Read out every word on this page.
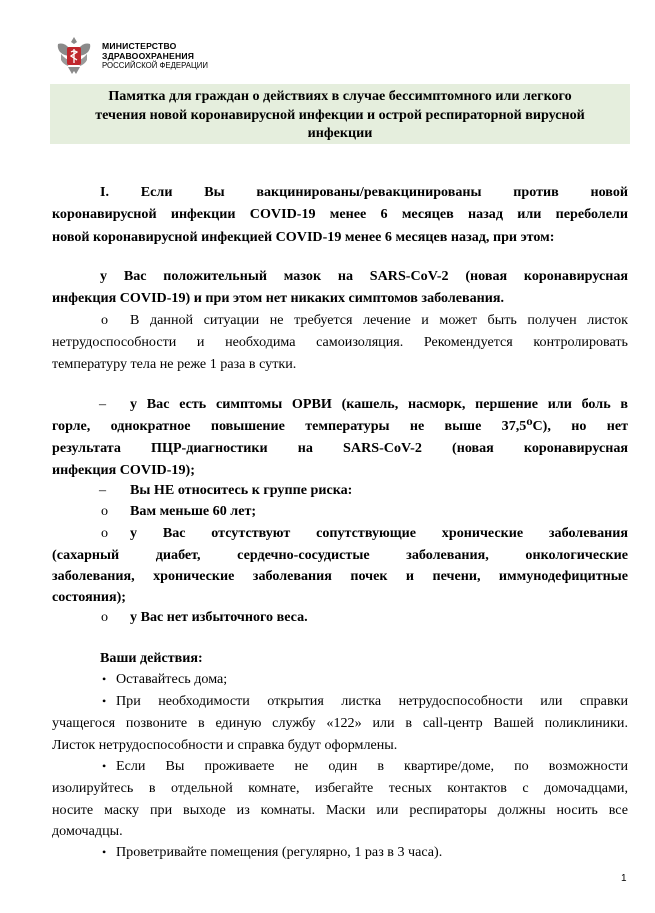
МИНИСТЕРСТВО
ЗДРАВООХРАНЕНИЯ
РОССИЙСКОЙ ФЕДЕРАЦИИ
Памятка для граждан о действиях в случае бессимптомного или легкого
течения новой коронавирусной инфекции и острой респираторной вирусной
инфекции
I. Если Вы вакцинированы/ревакцинированы против новой
коронавирусной инфекции COVID-19 менее 6 месяцев назад или переболели
новой коронавирусной инфекцией COVID-19 менее 6 месяцев назад, при этом:
у Вас положительный мазок на SARS-CoV-2 (новая коронавирусная
инфекция COVID-19) и при этом нет никаких симптомов заболевания.
o В данной ситуации не требуется лечение и может быть получен листок
нетрудоспособности и необходима самоизоляция. Рекомендуется контролировать
температуру тела не реже 1 раза в сутки.
– у Вас есть симптомы ОРВИ (кашель, насморк, першение или боль в
горле, однократное повышение температуры не выше 37,5⁰С), но нет
результата ПЦР-диагностики на SARS-CoV-2 (новая коронавирусная
инфекция COVID-19);
– Вы НЕ относитесь к группе риска:
o Вам меньше 60 лет;
o у Вас отсутствуют сопутствующие хронические заболевания
(сахарный диабет, сердечно-сосудистые заболевания, онкологические
заболевания, хронические заболевания почек и печени, иммунодефицитные
состояния);
o у Вас нет избыточного веса.
Ваши действия:
• Оставайтесь дома;
• При необходимости открытия листка нетрудоспособности или справки
учащегося позвоните в единую службу «122» или в call-центр Вашей поликлиники.
Листок нетрудоспособности и справка будут оформлены.
• Если Вы проживаете не один в квартире/доме, по возможности
изолируйтесь в отдельной комнате, избегайте тесных контактов с домочадцами,
носите маску при выходе из комнаты. Маски или респираторы должны носить все
домочадцы.
• Проветривайте помещения (регулярно, 1 раз в 3 часа).
1
